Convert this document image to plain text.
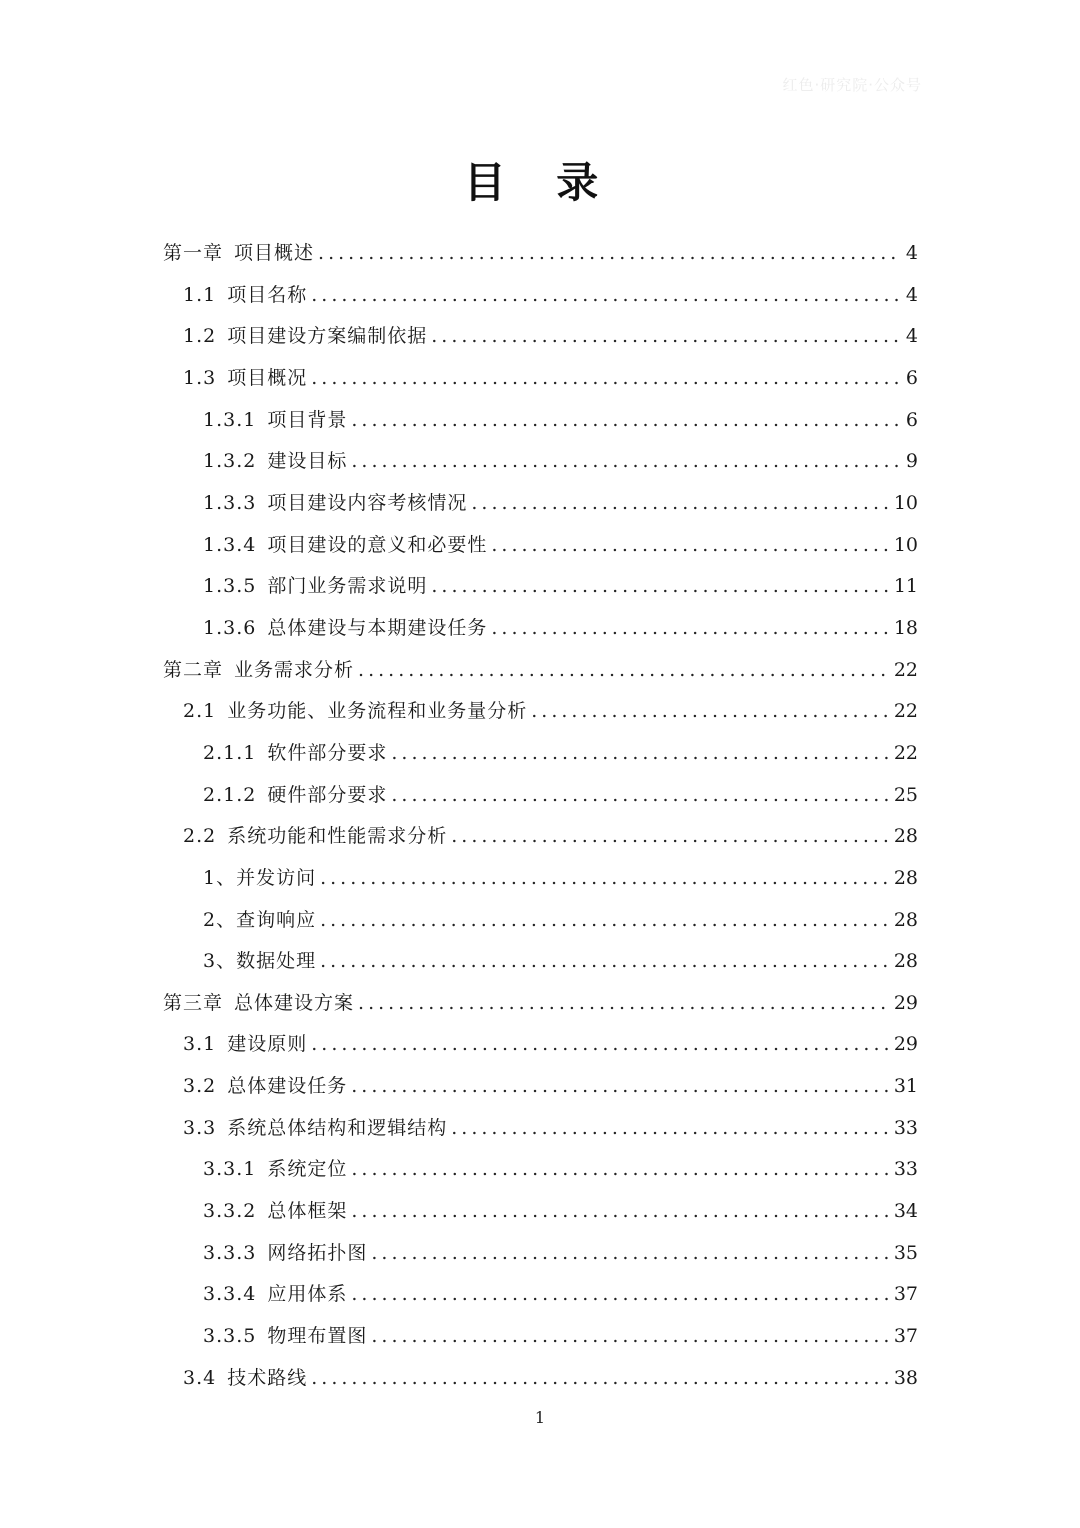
红色·研究院·公众号
目 录
第一章 项目概述 .....	4
1.1 项目名称 .....	4
1.2 项目建设方案编制依据 .....	4
1.3 项目概况 .....	6
1.3.1 项目背景 .....	6
1.3.2 建设目标 .....	9
1.3.3 项目建设内容考核情况 .....	10
1.3.4 项目建设的意义和必要性 .....	10
1.3.5 部门业务需求说明 .....	11
1.3.6 总体建设与本期建设任务 .....	18
第二章 业务需求分析 .....	22
2.1 业务功能、业务流程和业务量分析 .....	22
2.1.1 软件部分要求 .....	22
2.1.2 硬件部分要求 .....	25
2.2 系统功能和性能需求分析 .....	28
1、并发访问 .....	28
2、查询响应 .....	28
3、数据处理 .....	28
第三章 总体建设方案 .....	29
3.1 建设原则 .....	29
3.2 总体建设任务 .....	31
3.3 系统总体结构和逻辑结构 .....	33
3.3.1 系统定位 .....	33
3.3.2 总体框架 .....	34
3.3.3 网络拓扑图 .....	35
3.3.4 应用体系 .....	37
3.3.5 物理布置图 .....	37
3.4 技术路线 .....	38
1
